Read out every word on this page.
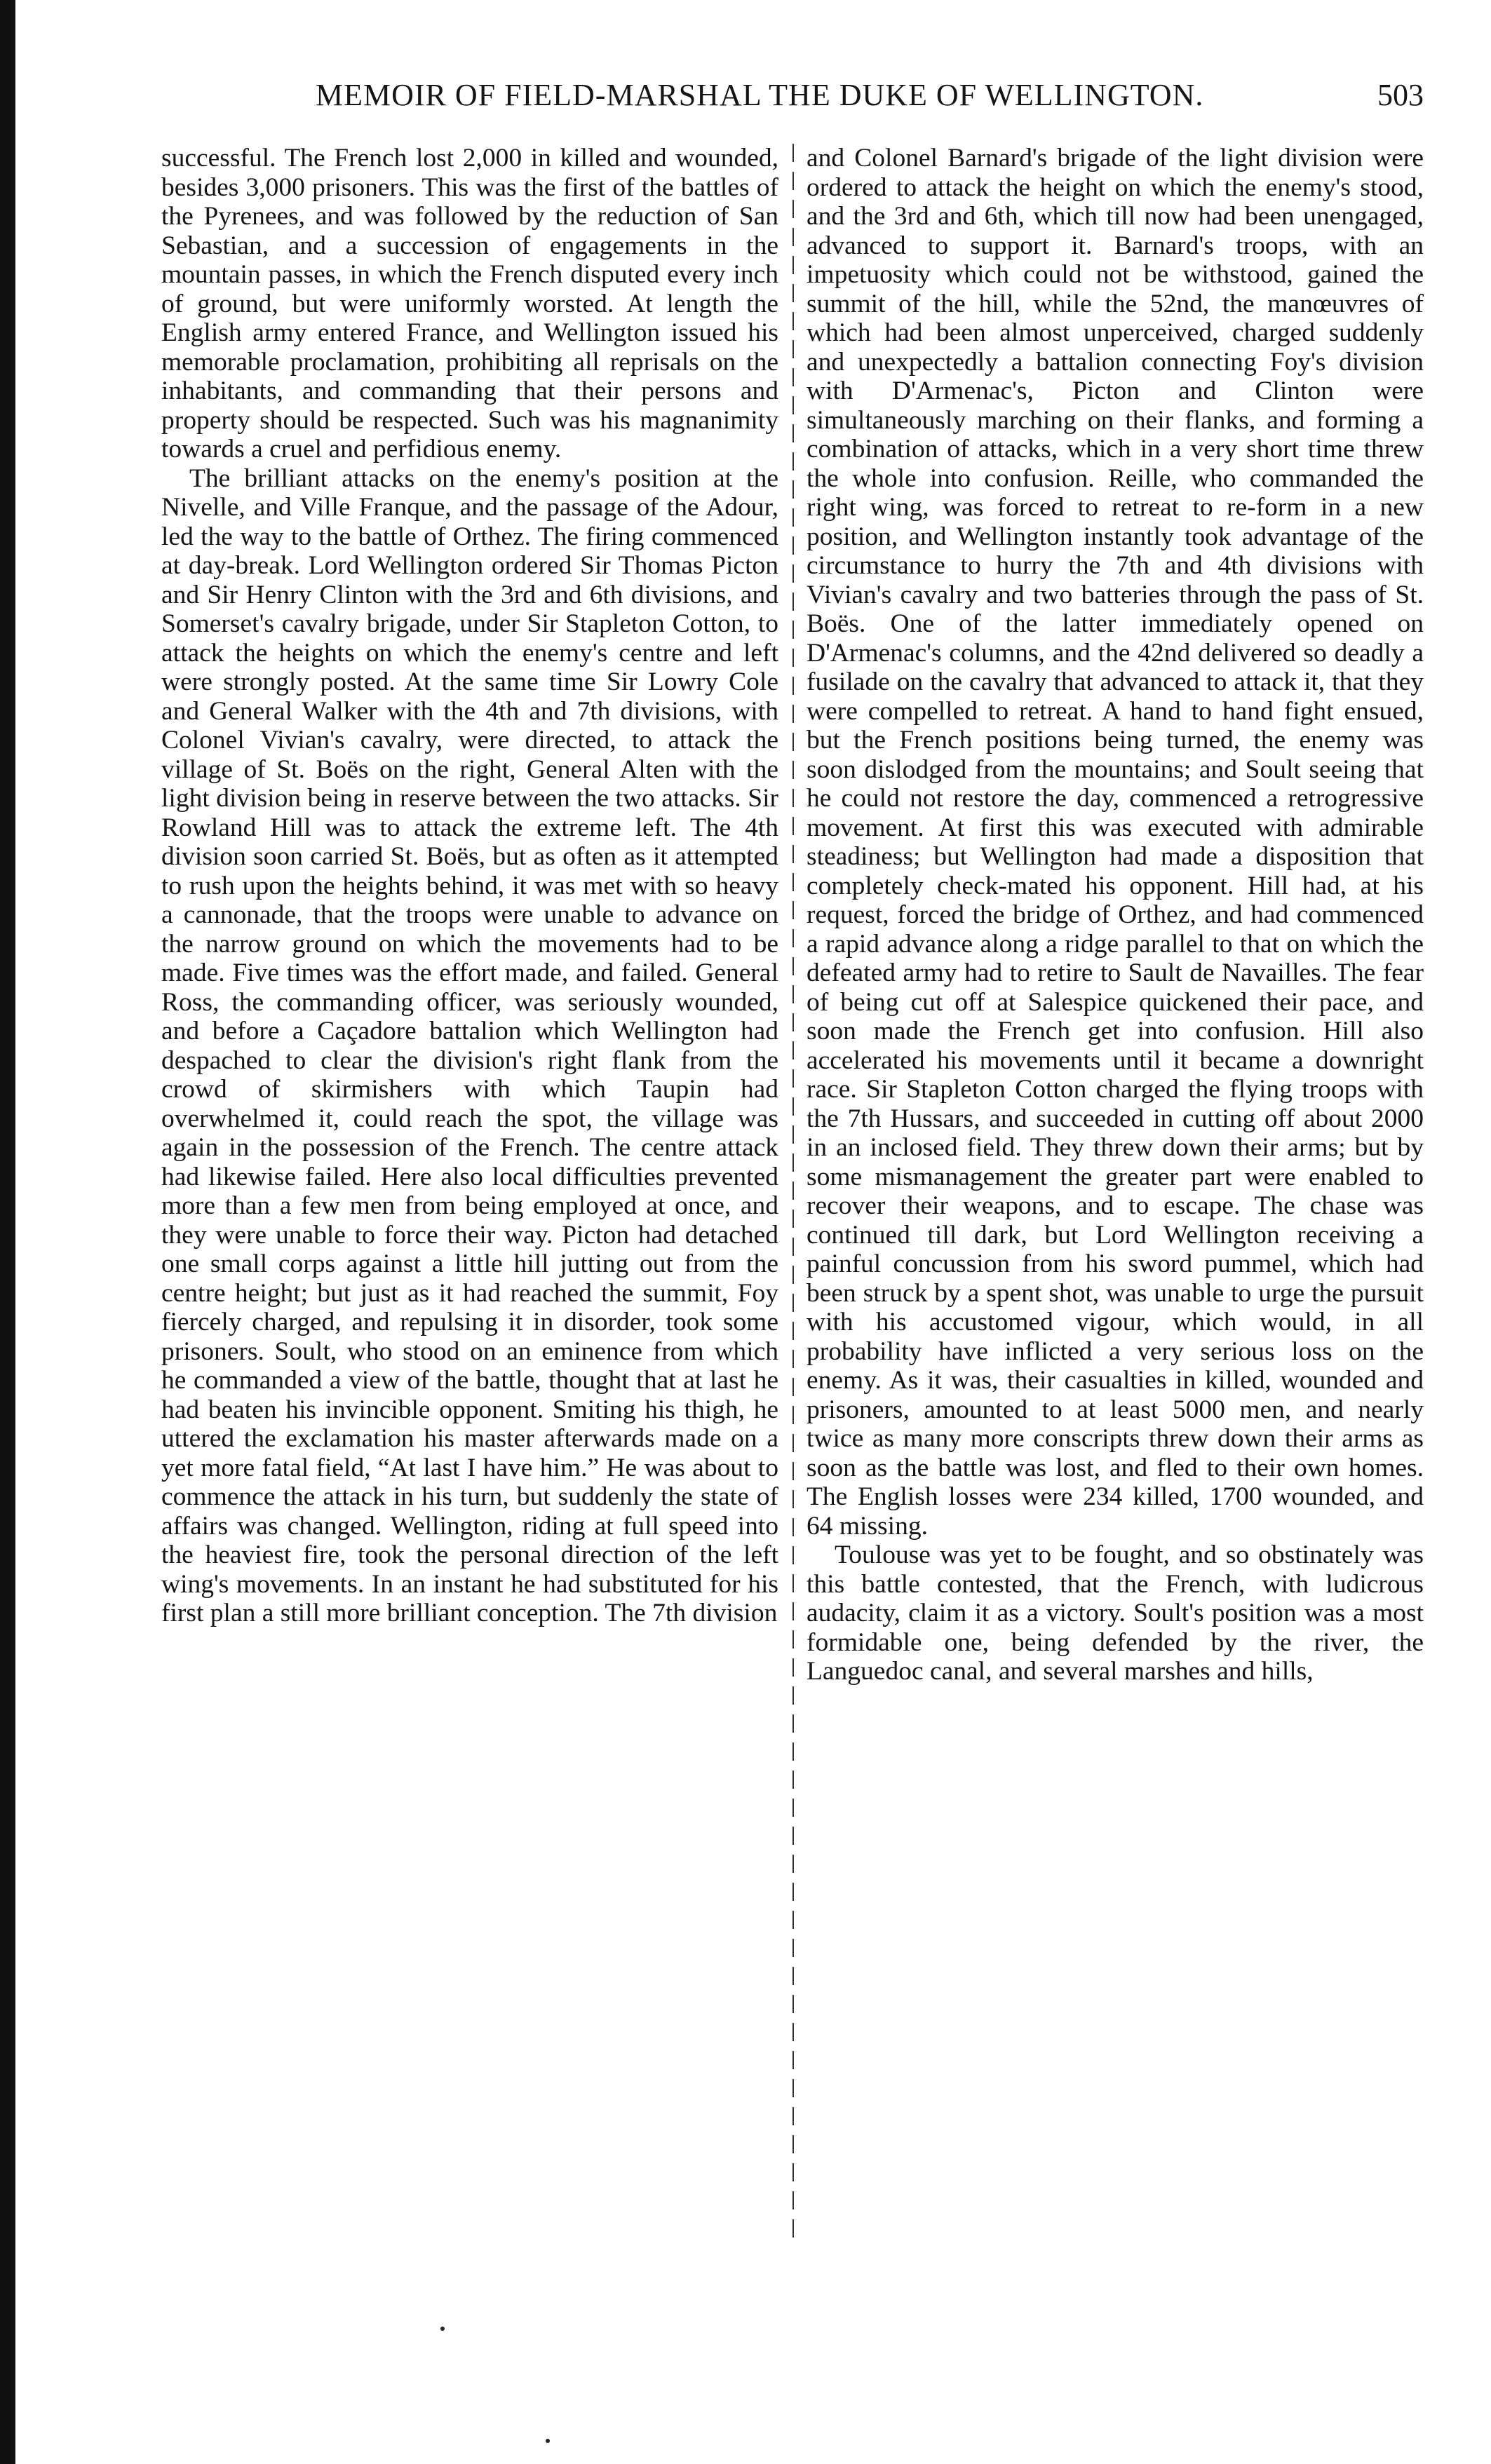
MEMOIR OF FIELD-MARSHAL THE DUKE OF WELLINGTON.	503

successful. The French lost 2,000 in killed and wounded, besides 3,000 prisoners. This was the first of the battles of the Pyrenees, and was followed by the reduction of San Sebastian, and a succession of engagements in the mountain passes, in which the French disputed every inch of ground, but were uniformly worsted. At length the English army entered France, and Wellington issued his memorable proclamation, prohibiting all reprisals on the inhabitants, and commanding that their persons and property should be respected. Such was his magnanimity towards a cruel and perfidious enemy.

The brilliant attacks on the enemy's position at the Nivelle, and Ville Franque, and the passage of the Adour, led the way to the battle of Orthez. The firing commenced at day-break. Lord Wellington ordered Sir Thomas Picton and Sir Henry Clinton with the 3rd and 6th divisions, and Somerset's cavalry brigade, under Sir Stapleton Cotton, to attack the heights on which the enemy's centre and left were strongly posted. At the same time Sir Lowry Cole and General Walker with the 4th and 7th divisions, with Colonel Vivian's cavalry, were directed, to attack the village of St. Boës on the right, General Alten with the light division being in reserve between the two attacks. Sir Rowland Hill was to attack the extreme left. The 4th division soon carried St. Boës, but as often as it attempted to rush upon the heights behind, it was met with so heavy a cannonade, that the troops were unable to advance on the narrow ground on which the movements had to be made. Five times was the effort made, and failed. General Ross, the commanding officer, was seriously wounded, and before a Caçadore battalion which Wellington had despached to clear the division's right flank from the crowd of skirmishers with which Taupin had overwhelmed it, could reach the spot, the village was again in the possession of the French. The centre attack had likewise failed. Here also local difficulties prevented more than a few men from being employed at once, and they were unable to force their way. Picton had detached one small corps against a little hill jutting out from the centre height; but just as it had reached the summit, Foy fiercely charged, and repulsing it in disorder, took some prisoners. Soult, who stood on an eminence from which he commanded a view of the battle, thought that at last he had beaten his invincible opponent. Smiting his thigh, he uttered the exclamation his master afterwards made on a yet more fatal field, “At last I have him.” He was about to commence the attack in his turn, but suddenly the state of affairs was changed. Wellington, riding at full speed into the heaviest fire, took the personal direction of the left wing's movements. In an instant he had substituted for his first plan a still more brilliant conception. The 7th division

and Colonel Barnard's brigade of the light division were ordered to attack the height on which the enemy's stood, and the 3rd and 6th, which till now had been unengaged, advanced to support it. Barnard's troops, with an impetuosity which could not be withstood, gained the summit of the hill, while the 52nd, the manœuvres of which had been almost unperceived, charged suddenly and unexpectedly a battalion connecting Foy's division with D'Armenac's, Picton and Clinton were simultaneously marching on their flanks, and forming a combination of attacks, which in a very short time threw the whole into confusion. Reille, who commanded the right wing, was forced to retreat to re-form in a new position, and Wellington instantly took advantage of the circumstance to hurry the 7th and 4th divisions with Vivian's cavalry and two batteries through the pass of St. Boës. One of the latter immediately opened on D'Armenac's columns, and the 42nd delivered so deadly a fusilade on the cavalry that advanced to attack it, that they were compelled to retreat. A hand to hand fight ensued, but the French positions being turned, the enemy was soon dislodged from the mountains; and Soult seeing that he could not restore the day, commenced a retrogressive movement. At first this was executed with admirable steadiness; but Wellington had made a disposition that completely check-mated his opponent. Hill had, at his request, forced the bridge of Orthez, and had commenced a rapid advance along a ridge parallel to that on which the defeated army had to retire to Sault de Navailles. The fear of being cut off at Salespice quickened their pace, and soon made the French get into confusion. Hill also accelerated his movements until it became a downright race. Sir Stapleton Cotton charged the flying troops with the 7th Hussars, and succeeded in cutting off about 2000 in an inclosed field. They threw down their arms; but by some mismanagement the greater part were enabled to recover their weapons, and to escape. The chase was continued till dark, but Lord Wellington receiving a painful concussion from his sword pummel, which had been struck by a spent shot, was unable to urge the pursuit with his accustomed vigour, which would, in all probability have inflicted a very serious loss on the enemy. As it was, their casualties in killed, wounded and prisoners, amounted to at least 5000 men, and nearly twice as many more conscripts threw down their arms as soon as the battle was lost, and fled to their own homes. The English losses were 234 killed, 1700 wounded, and 64 missing.

Toulouse was yet to be fought, and so obstinately was this battle contested, that the French, with ludicrous audacity, claim it as a victory. Soult's position was a most formidable one, being defended by the river, the Languedoc canal, and several marshes and hills,
